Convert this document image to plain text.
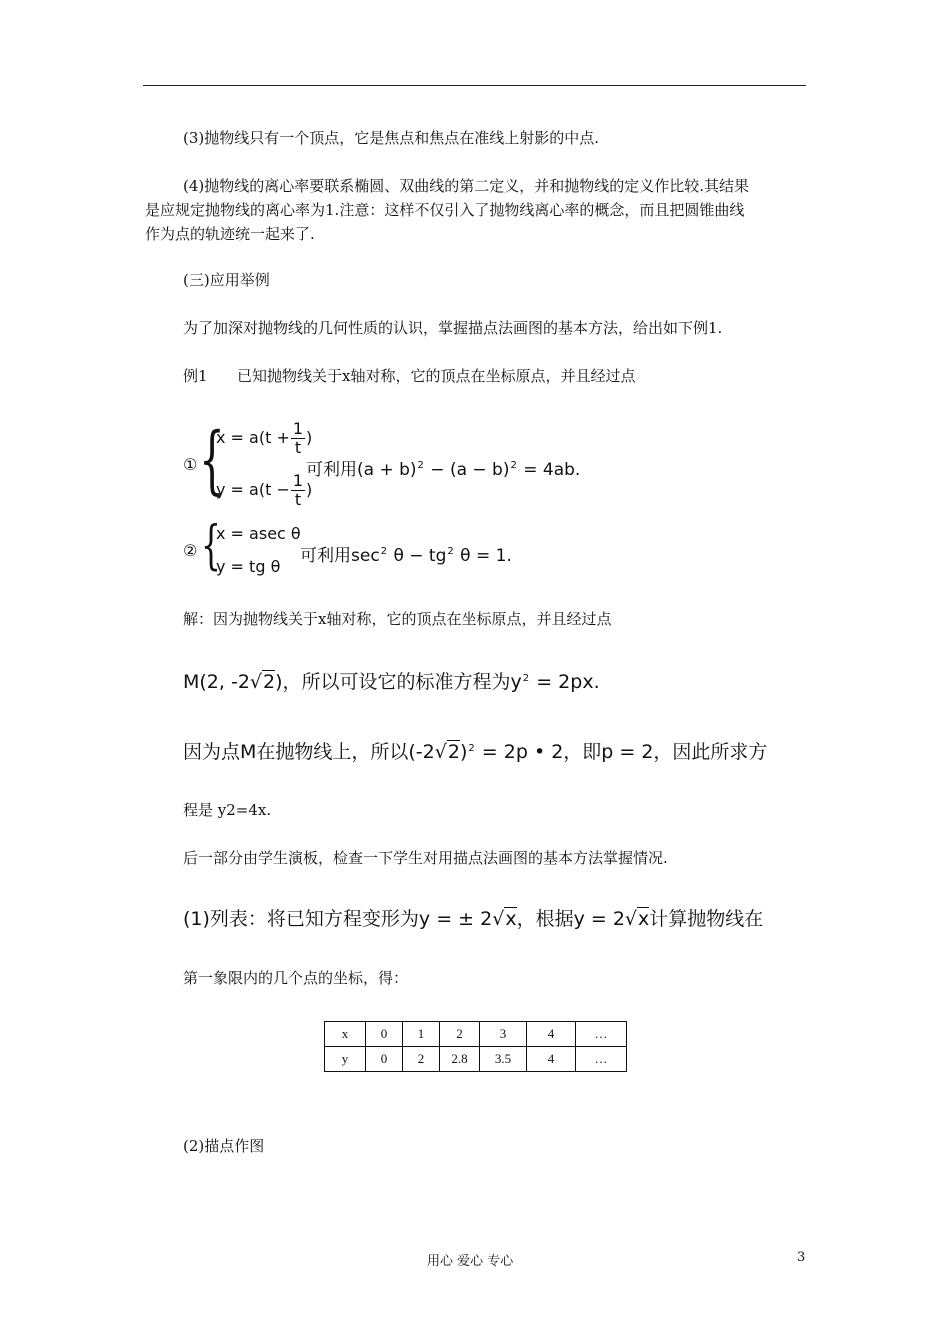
(3)抛物线只有一个顶点，它是焦点和焦点在准线上射影的中点.
(4)抛物线的离心率要联系椭圆、双曲线的第二定义，并和抛物线的定义作比较.其结果
是应规定抛物线的离心率为1.注意：这样不仅引入了抛物线离心率的概念，而且把圆锥曲线
作为点的轨迹统一起来了.
(三)应用举例
为了加深对抛物线的几何性质的认识，掌握描点法画图的基本方法，给出如下例1.
例1 已知抛物线关于x轴对称，它的顶点在坐标原点，并且经过点
① {
$x = a(t + \frac{1}{t}$ )
$y = a(t - \frac{1}{t}$ )
可利用$(a + b)^2 - (a - b)^2 = 4ab$.
② {
x = asec θ
y = tg θ
可利用$\sec^2 \theta - tg^2$ θ = 1.
解：因为抛物线关于x轴对称，它的顶点在坐标原点，并且经过点
M(2, -2√2)，所以可设它的标准方程为$y^2 = 2px$.
因为点M在抛物线上，所以$(-2√2)^2 = 2p$ • 2，即p = 2，因此所求方
程是 y2=4x.
后一部分由学生演板，检查一下学生对用描点法画图的基本方法掌握情况.
(1)列表：将已知方程变形为y = ± 2√x，根据y = 2√x计算抛物线在
第一象限内的几个点的坐标，得：
x	0	1	2	3	4	…
y	0	2	2.8	3.5	4	…
(2)描点作图
用心 爱心 专心	3
